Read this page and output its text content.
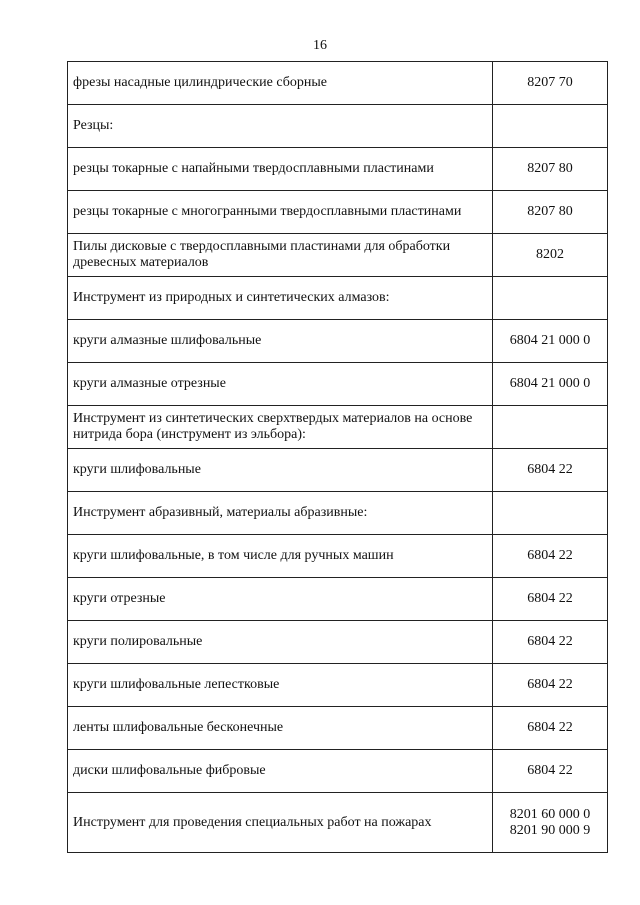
16
фрезы насадные цилиндрические сборные	8207 70
Резцы:	
резцы токарные с напайными твердосплавными пластинами	8207 80
резцы токарные с многогранными твердосплавными пластинами	8207 80
Пилы дисковые с твердосплавными пластинами для обработки древесных материалов	8202
Инструмент из природных и синтетических алмазов:	
круги алмазные шлифовальные	6804 21 000 0
круги алмазные отрезные	6804 21 000 0
Инструмент из синтетических сверхтвердых материалов на основе нитрида бора (инструмент из эльбора):	
круги шлифовальные	6804 22
Инструмент абразивный, материалы абразивные:	
круги шлифовальные, в том числе для ручных машин	6804 22
круги отрезные	6804 22
круги полировальные	6804 22
круги шлифовальные лепестковые	6804 22
ленты шлифовальные бесконечные	6804 22
диски шлифовальные фибровые	6804 22
Инструмент для проведения специальных работ на пожарах	8201 60 000 0
8201 90 000 9
